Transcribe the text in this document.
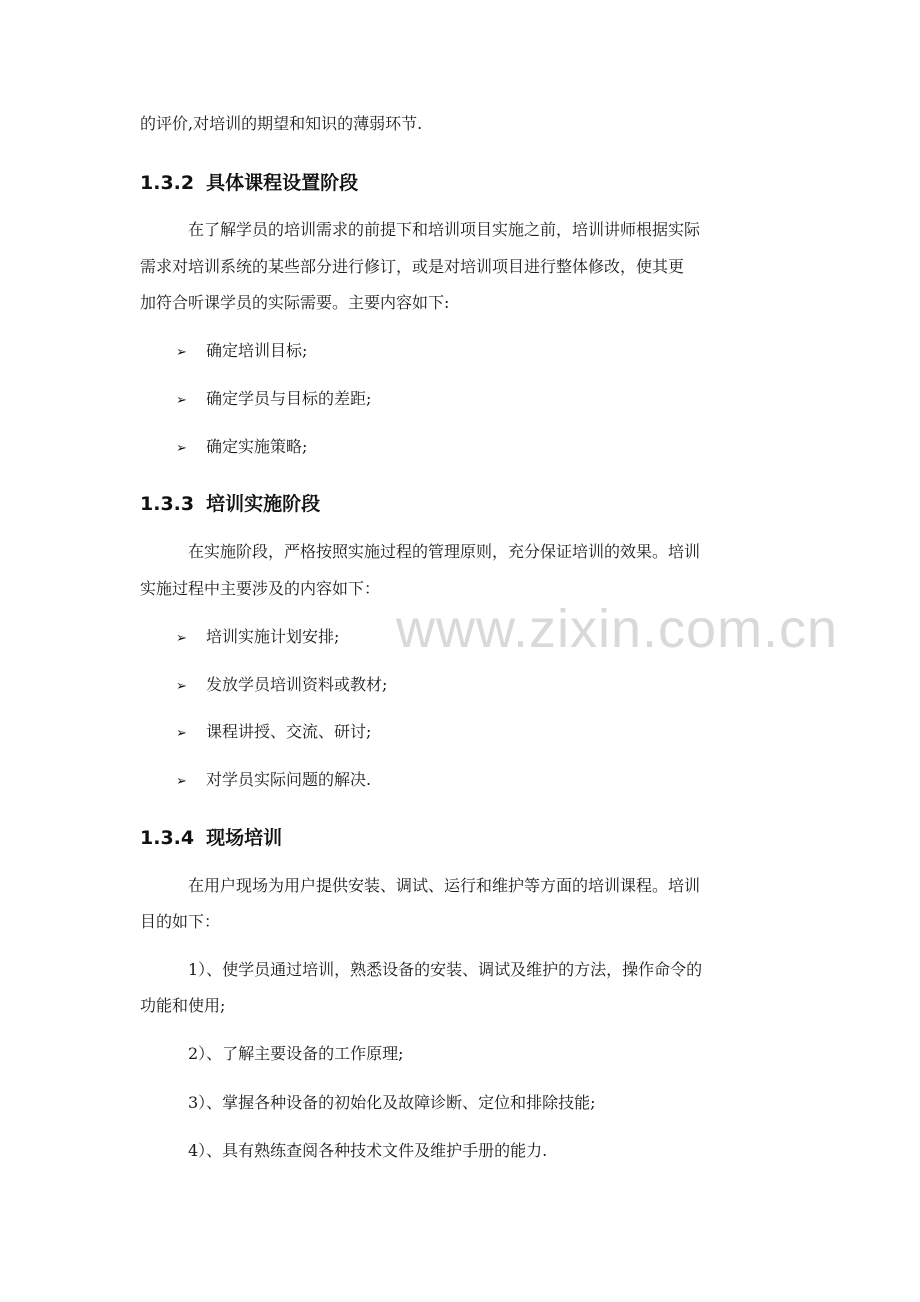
的评价,对培训的期望和知识的薄弱环节.

1.3.2 具体课程设置阶段

在了解学员的培训需求的前提下和培训项目实施之前，培训讲师根据实际

需求对培训系统的某些部分进行修订，或是对培训项目进行整体修改，使其更

加符合听课学员的实际需要。主要内容如下:

➢ 确定培训目标;
➢ 确定学员与目标的差距;
➢ 确定实施策略;
1.3.3 培训实施阶段

在实施阶段，严格按照实施过程的管理原则，充分保证培训的效果。培训

实施过程中主要涉及的内容如下：

➢ 培训实施计划安排;
➢ 发放学员培训资料或教材;
➢ 课程讲授、交流、研讨;
➢ 对学员实际问题的解决.
1.3.4 现场培训

在用户现场为用户提供安装、调试、运行和维护等方面的培训课程。培训

目的如下：

1）、使学员通过培训，熟悉设备的安装、调试及维护的方法，操作命令的

功能和使用;

2）、了解主要设备的工作原理;

3）、掌握各种设备的初始化及故障诊断、定位和排除技能;

4）、具有熟练查阅各种技术文件及维护手册的能力.

www.zixin.com.cn
